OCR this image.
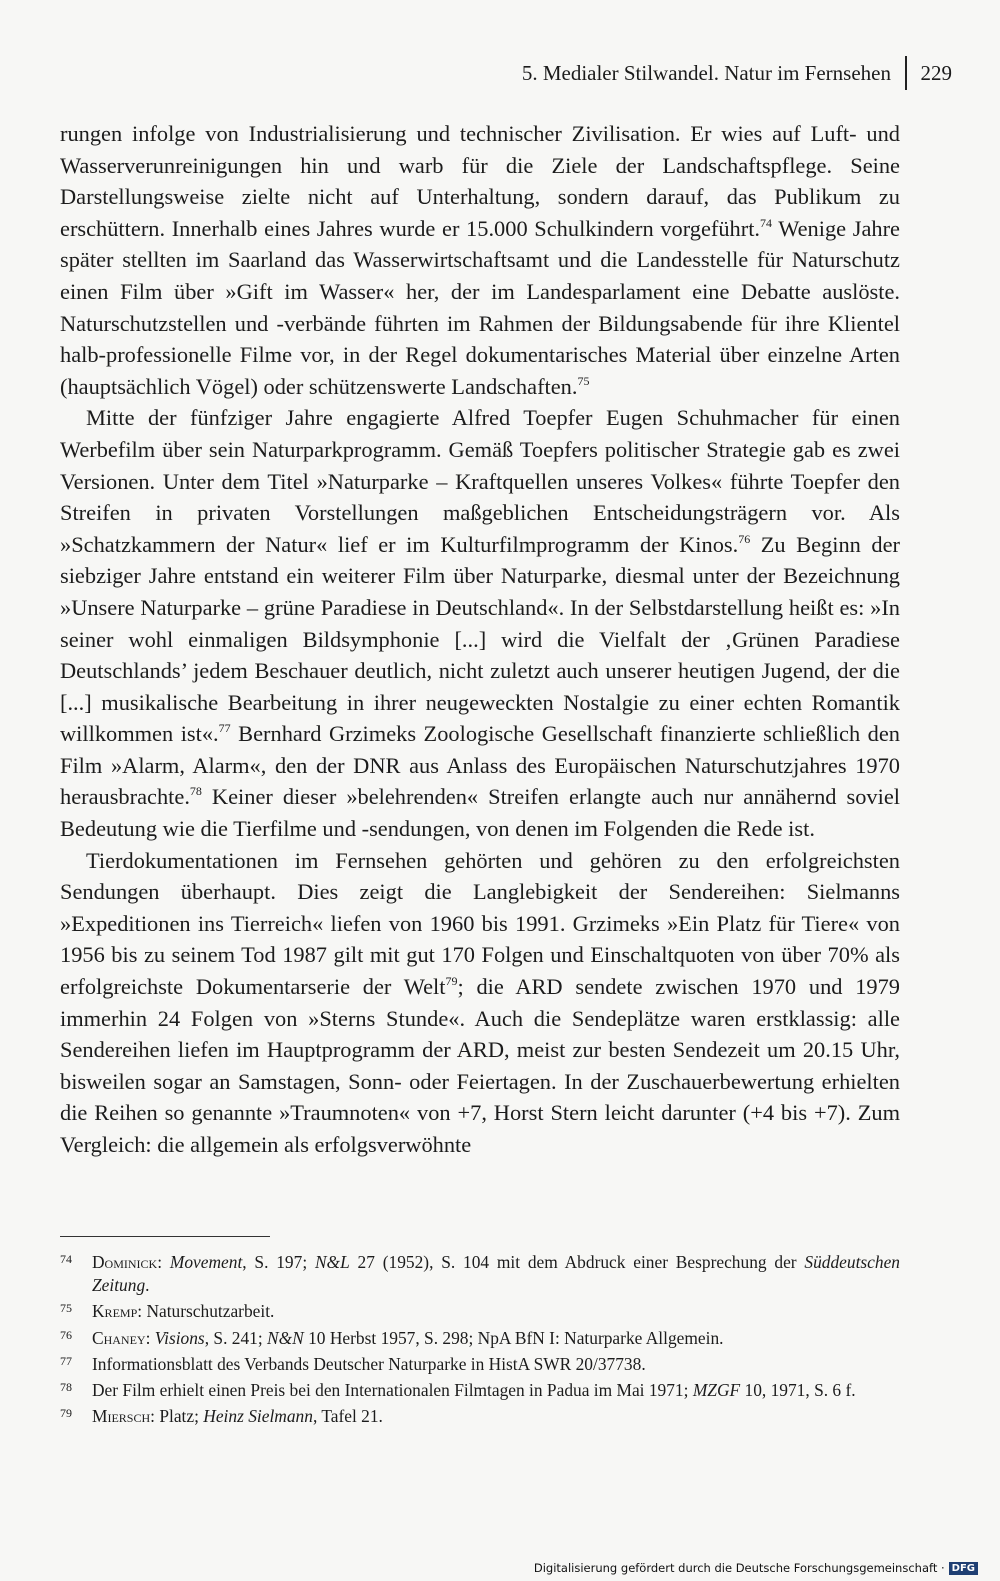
5. Medialer Stilwandel. Natur im Fernsehen 229

rungen infolge von Industrialisierung und technischer Zivilisation. Er wies auf Luft- und Wasserverunreinigungen hin und warb für die Ziele der Landschaftspflege. Seine Darstellungsweise zielte nicht auf Unterhaltung, sondern darauf, das Publikum zu erschüttern. Innerhalb eines Jahres wurde er 15.000 Schulkindern vorgeführt.$^{74}$ Wenige Jahre später stellten im Saarland das Wasserwirtschaftsamt und die Landesstelle für Naturschutz einen Film über »Gift im Wasser« her, der im Landesparlament eine Debatte auslöste. Naturschutzstellen und -verbände führten im Rahmen der Bildungsabende für ihre Klientel halb-professionelle Filme vor, in der Regel dokumentarisches Material über einzelne Arten (hauptsächlich Vögel) oder schützenswerte Landschaften.$^{75}$

Mitte der fünfziger Jahre engagierte Alfred Toepfer Eugen Schuhmacher für einen Werbefilm über sein Naturparkprogramm. Gemäß Toepfers politischer Strategie gab es zwei Versionen. Unter dem Titel »Naturparke – Kraftquellen unseres Volkes« führte Toepfer den Streifen in privaten Vorstellungen maßgeblichen Entscheidungsträgern vor. Als »Schatzkammern der Natur« lief er im Kulturfilmprogramm der Kinos.$^{76}$ Zu Beginn der siebziger Jahre entstand ein weiterer Film über Naturparke, diesmal unter der Bezeichnung »Unsere Naturparke – grüne Paradiese in Deutschland«. In der Selbstdarstellung heißt es: »In seiner wohl einmaligen Bildsymphonie [...] wird die Vielfalt der ‚Grünen Paradiese Deutschlands’ jedem Beschauer deutlich, nicht zuletzt auch unserer heutigen Jugend, der die [...] musikalische Bearbeitung in ihrer neugeweckten Nostalgie zu einer echten Romantik willkommen ist«.$^{77}$ Bernhard Grzimeks Zoologische Gesellschaft finanzierte schließlich den Film »Alarm, Alarm«, den der DNR aus Anlass des Europäischen Naturschutzjahres 1970 herausbrachte.$^{78}$ Keiner dieser »belehrenden« Streifen erlangte auch nur annähernd soviel Bedeutung wie die Tierfilme und -sendungen, von denen im Folgenden die Rede ist.

Tierdokumentationen im Fernsehen gehörten und gehören zu den erfolgreichsten Sendungen überhaupt. Dies zeigt die Langlebigkeit der Sendereihen: Sielmanns »Expeditionen ins Tierreich« liefen von 1960 bis 1991. Grzimeks »Ein Platz für Tiere« von 1956 bis zu seinem Tod 1987 gilt mit gut 170 Folgen und Einschaltquoten von über 70% als erfolgreichste Dokumentarserie der Welt$^{79}$; die ARD sendete zwischen 1970 und 1979 immerhin 24 Folgen von »Sterns Stunde«. Auch die Sendeplätze waren erstklassig: alle Sendereihen liefen im Hauptprogramm der ARD, meist zur besten Sendezeit um 20.15 Uhr, bisweilen sogar an Samstagen, Sonn- oder Feiertagen. In der Zuschauerbewertung erhielten die Reihen so genannte »Traumnoten« von +7, Horst Stern leicht darunter (+4 bis +7). Zum Vergleich: die allgemein als erfolgsverwöhnte

74 Dominick: Movement, S. 197; N&L 27 (1952), S. 104 mit dem Abdruck einer Besprechung der Süddeutschen Zeitung.
75 Kremp: Naturschutzarbeit.
76 Chaney: Visions, S. 241; N&N 10 Herbst 1957, S. 298; NpA BfN I: Naturparke Allgemein.
77 Informationsblatt des Verbands Deutscher Naturparke in HistA SWR 20/37738.
78 Der Film erhielt einen Preis bei den Internationalen Filmtagen in Padua im Mai 1971; MZGF 10, 1971, S. 6 f.
79 Miersch: Platz; Heinz Sielmann, Tafel 21.
Digitalisierung gefördert durch die Deutsche Forschungsgemeinschaft · DFG
